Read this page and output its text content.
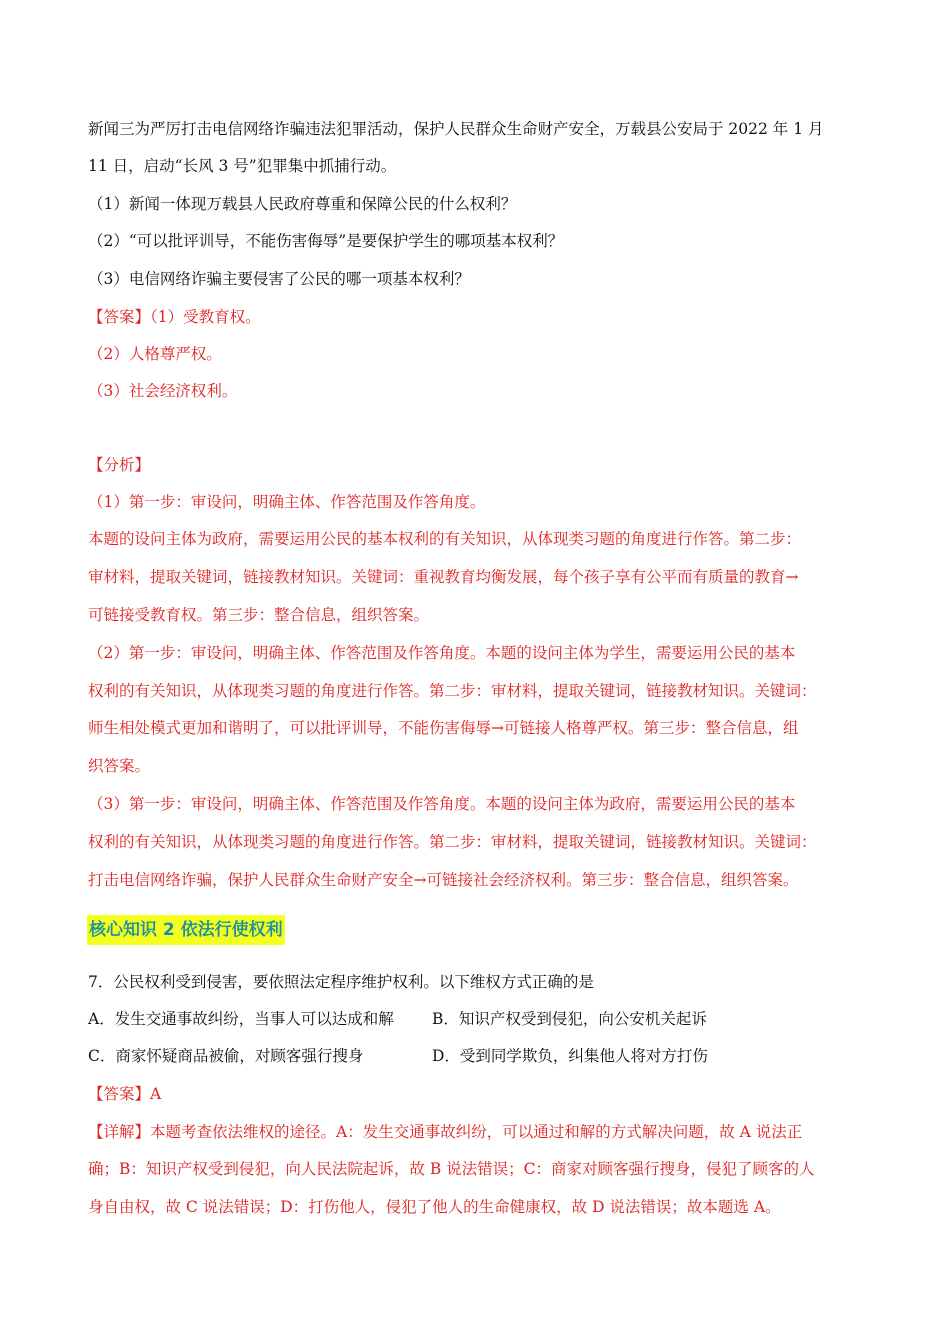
新闻三为严厉打击电信网络诈骗违法犯罪活动，保护人民群众生命财产安全，万载县公安局于 2022 年 1 月
11 日，启动“长风 3 号”犯罪集中抓捕行动。
（1）新闻一体现万载县人民政府尊重和保障公民的什么权利？
（2）“可以批评训导，不能伤害侮辱”是要保护学生的哪项基本权利？
（3）电信网络诈骗主要侵害了公民的哪一项基本权利？
【答案】（1）受教育权。
（2）人格尊严权。
（3）社会经济权利。
【分析】
（1）第一步：审设问，明确主体、作答范围及作答角度。
本题的设问主体为政府，需要运用公民的基本权利的有关知识，从体现类习题的角度进行作答。第二步：
审材料，提取关键词，链接教材知识。关键词：重视教育均衡发展，每个孩子享有公平而有质量的教育→
可链接受教育权。第三步：整合信息，组织答案。
（2）第一步：审设问，明确主体、作答范围及作答角度。本题的设问主体为学生，需要运用公民的基本
权利的有关知识，从体现类习题的角度进行作答。第二步：审材料，提取关键词，链接教材知识。关键词：
师生相处模式更加和谐明了，可以批评训导，不能伤害侮辱→可链接人格尊严权。第三步：整合信息，组
织答案。
（3）第一步：审设问，明确主体、作答范围及作答角度。本题的设问主体为政府，需要运用公民的基本
权利的有关知识，从体现类习题的角度进行作答。第二步：审材料，提取关键词，链接教材知识。关键词：
打击电信网络诈骗，保护人民群众生命财产安全→可链接社会经济权利。第三步：整合信息，组织答案。
核心知识 2 依法行使权利
7．公民权利受到侵害，要依照法定程序维护权利。以下维权方式正确的是
A．发生交通事故纠纷，当事人可以达成和解 B．知识产权受到侵犯，向公安机关起诉
C．商家怀疑商品被偷，对顾客强行搜身	D．受到同学欺负，纠集他人将对方打伤
【答案】A
【详解】本题考查依法维权的途径。A：发生交通事故纠纷，可以通过和解的方式解决问题，故 A 说法正
确；B：知识产权受到侵犯，向人民法院起诉，故 B 说法错误；C：商家对顾客强行搜身，侵犯了顾客的人
身自由权，故 C 说法错误；D：打伤他人，侵犯了他人的生命健康权，故 D 说法错误；故本题选 A。
